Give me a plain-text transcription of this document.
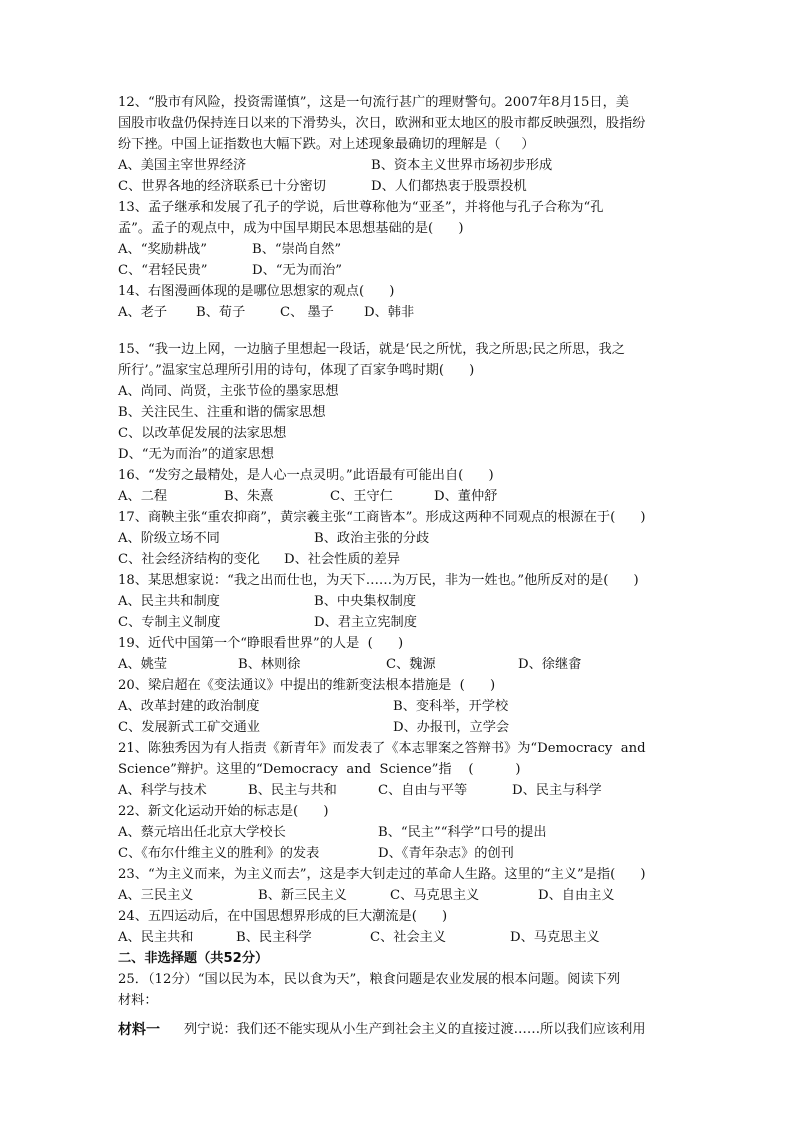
12、“股市有风险，投资需谨慎”，这是一句流行甚广的理财警句。2007年8月15日，美
国股市收盘仍保持连日以来的下滑势头，次日，欧洲和亚太地区的股市都反映强烈，股指纷
纷下挫。中国上证指数也大幅下跌。对上述现象最确切的理解是（     ）
A、美国主宰世界经济	B、资本主义世界市场初步形成
C、世界各地的经济联系已十分密切	D、人们都热衷于股票投机
13、孟子继承和发展了孔子的学说，后世尊称他为“亚圣”，并将他与孔子合称为“孔
孟”。孟子的观点中，成为中国早期民本思想基础的是(      )
A、“奖励耕战”	B、“崇尚自然”
C、“君轻民贵”	D、“无为而治”
14、右图漫画体现的是哪位思想家的观点(      )
A、老子	B、荀子	C、 墨子	D、韩非
15、“我一边上网，一边脑子里想起一段话，就是‘民之所忧，我之所思;民之所思，我之
所行’。”温家宝总理所引用的诗句，体现了百家争鸣时期(      )
A、尚同、尚贤，主张节俭的墨家思想
B、关注民生、注重和谐的儒家思想
C、以改革促发展的法家思想
D、“无为而治”的道家思想
16、“发穷之最精处，是人心一点灵明。”此语最有可能出自(      )
A、二程	B、朱熹	C、王守仁	D、董仲舒
17、商鞅主张“重农抑商”，黄宗羲主张“工商皆本”。形成这两种不同观点的根源在于(      )
A、阶级立场不同	B、政治主张的分歧
C、社会经济结构的变化	D、社会性质的差异
18、某思想家说：“我之出而仕也，为天下……为万民，非为一姓也。”他所反对的是(      )
A、民主共和制度	B、中央集权制度
C、专制主义制度	D、君主立宪制度
19、近代中国第一个“睁眼看世界”的人是  (      )
A、姚莹	B、林则徐	C、魏源	D、徐继畲
20、梁启超在《变法通议》中提出的维新变法根本措施是  (      )
A、改革封建的政治制度	B、变科举，开学校
C、发展新式工矿交通业	D、办报刊，立学会
21、陈独秀因为有人指责《新青年》而发表了《本志罪案之答辩书》为“Democracy  and
Science”辩护。这里的“Democracy  and  Science”指    (          )
A、科学与技术	B、民主与共和	C、自由与平等	D、民主与科学
22、新文化运动开始的标志是(      )
A、蔡元培出任北京大学校长	B、“民主”“科学”口号的提出
C、《布尔什维主义的胜利》的发表	D、《青年杂志》的创刊
23、“为主义而来，为主义而去”，这是李大钊走过的革命人生路。这里的“主义”是指(      )
A、三民主义	B、新三民主义	C、马克思主义	D、自由主义
24、五四运动后，在中国思想界形成的巨大潮流是(      )
A、民主共和	B、民主科学	C、社会主义	D、马克思主义
二、非选择题（共52分）
25．（12分）“国以民为本，民以食为天”，粮食问题是农业发展的根本问题。阅读下列
材料：
材料一	列宁说：我们还不能实现从小生产到社会主义的直接过渡……所以我们应该利用
